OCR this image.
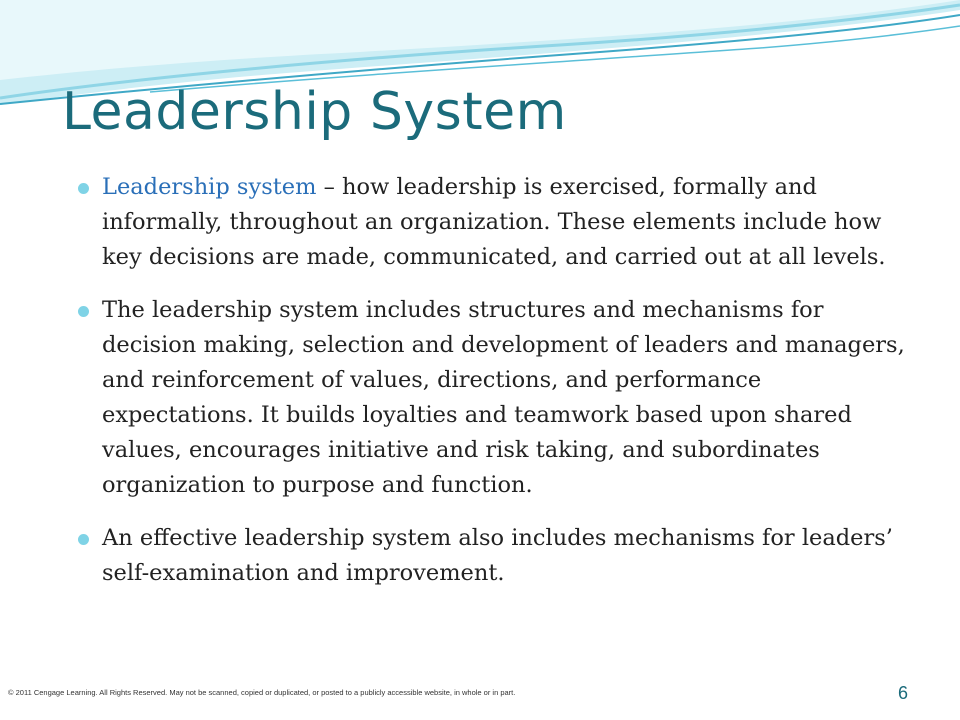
Leadership System
Leadership system – how leadership is exercised, formally and informally, throughout an organization. These elements include how key decisions are made, communicated, and carried out at all levels.
The leadership system includes structures and mechanisms for decision making, selection and development of leaders and managers, and reinforcement of values, directions, and performance expectations. It builds loyalties and teamwork based upon shared values, encourages initiative and risk taking, and subordinates organization to purpose and function.
An effective leadership system also includes mechanisms for leaders’ self-examination and improvement.
© 2011 Cengage Learning. All Rights Reserved. May not be scanned, copied or duplicated, or posted to a publicly accessible website, in whole or in part.	6
